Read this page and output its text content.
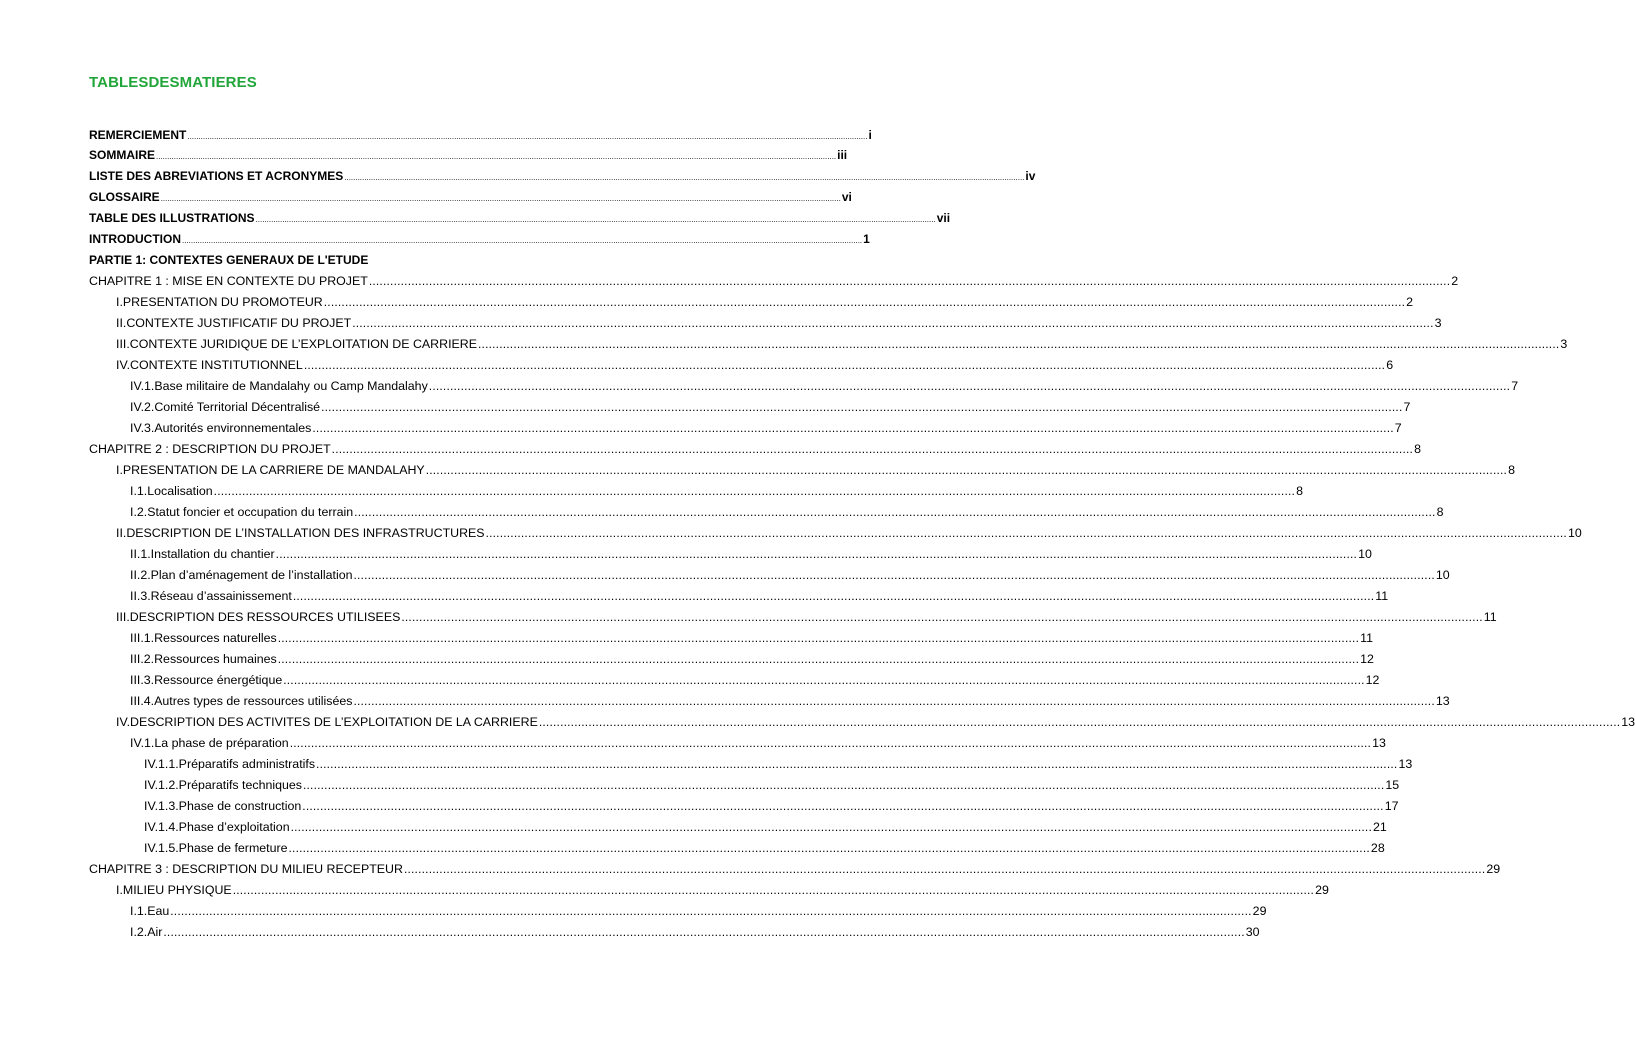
TABLESDESMATIERES
REMERCIEMENT .................................................................................................................................................................................................................................................................................................................. i
SOMMAIRE .................................................................................................................................................................................................................................................................................................................. iii
LISTE DES ABREVIATIONS ET ACRONYMES .................................................................................................................................................................................................................................................................................................................. iv
GLOSSAIRE .................................................................................................................................................................................................................................................................................................................. vi
TABLE DES ILLUSTRATIONS .................................................................................................................................................................................................................................................................................................................. vii
INTRODUCTION .................................................................................................................................................................................................................................................................................................................. 1
PARTIE 1: CONTEXTES GENERAUX DE L'ETUDE
CHAPITRE 1 : MISE EN CONTEXTE DU PROJET .................................................................................................................................................................................................................................................................................................................. 2
I.PRESENTATION DU PROMOTEUR .................................................................................................................................................................................................................................................................................................................. 2
II.CONTEXTE JUSTIFICATIF DU PROJET .................................................................................................................................................................................................................................................................................................................. 3
III.CONTEXTE JURIDIQUE DE L’EXPLOITATION DE CARRIERE .................................................................................................................................................................................................................................................................................................................. 3
IV.CONTEXTE INSTITUTIONNEL .................................................................................................................................................................................................................................................................................................................. 6
IV.1.Base militaire de Mandalahy ou Camp Mandalahy .................................................................................................................................................................................................................................................................................................................. 7
IV.2.Comité Territorial Décentralisé .................................................................................................................................................................................................................................................................................................................. 7
IV.3.Autorités environnementales .................................................................................................................................................................................................................................................................................................................. 7
CHAPITRE 2 : DESCRIPTION DU PROJET .................................................................................................................................................................................................................................................................................................................. 8
I.PRESENTATION DE LA CARRIERE DE MANDALAHY .................................................................................................................................................................................................................................................................................................................. 8
I.1.Localisation .................................................................................................................................................................................................................................................................................................................. 8
I.2.Statut foncier et occupation du terrain .................................................................................................................................................................................................................................................................................................................. 8
II.DESCRIPTION DE L’INSTALLATION DES INFRASTRUCTURES .................................................................................................................................................................................................................................................................................................................. 10
II.1.Installation du chantier .................................................................................................................................................................................................................................................................................................................. 10
II.2.Plan d’aménagement de l’installation .................................................................................................................................................................................................................................................................................................................. 10
II.3.Réseau d’assainissement .................................................................................................................................................................................................................................................................................................................. 11
III.DESCRIPTION DES RESSOURCES UTILISEES .................................................................................................................................................................................................................................................................................................................. 11
III.1.Ressources naturelles .................................................................................................................................................................................................................................................................................................................. 11
III.2.Ressources humaines .................................................................................................................................................................................................................................................................................................................. 12
III.3.Ressource énergétique .................................................................................................................................................................................................................................................................................................................. 12
III.4.Autres types de ressources utilisées .................................................................................................................................................................................................................................................................................................................. 13
IV.DESCRIPTION DES ACTIVITES DE L’EXPLOITATION DE LA CARRIERE .................................................................................................................................................................................................................................................................................................................. 13
IV.1.La phase de préparation .................................................................................................................................................................................................................................................................................................................. 13
IV.1.1.Préparatifs administratifs .................................................................................................................................................................................................................................................................................................................. 13
IV.1.2.Préparatifs techniques .................................................................................................................................................................................................................................................................................................................. 15
IV.1.3.Phase de construction .................................................................................................................................................................................................................................................................................................................. 17
IV.1.4.Phase d’exploitation .................................................................................................................................................................................................................................................................................................................. 21
IV.1.5.Phase de fermeture .................................................................................................................................................................................................................................................................................................................. 28
CHAPITRE 3 : DESCRIPTION DU MILIEU RECEPTEUR .................................................................................................................................................................................................................................................................................................................. 29
I.MILIEU PHYSIQUE .................................................................................................................................................................................................................................................................................................................. 29
I.1.Eau .................................................................................................................................................................................................................................................................................................................. 29
I.2.Air .................................................................................................................................................................................................................................................................................................................. 30
